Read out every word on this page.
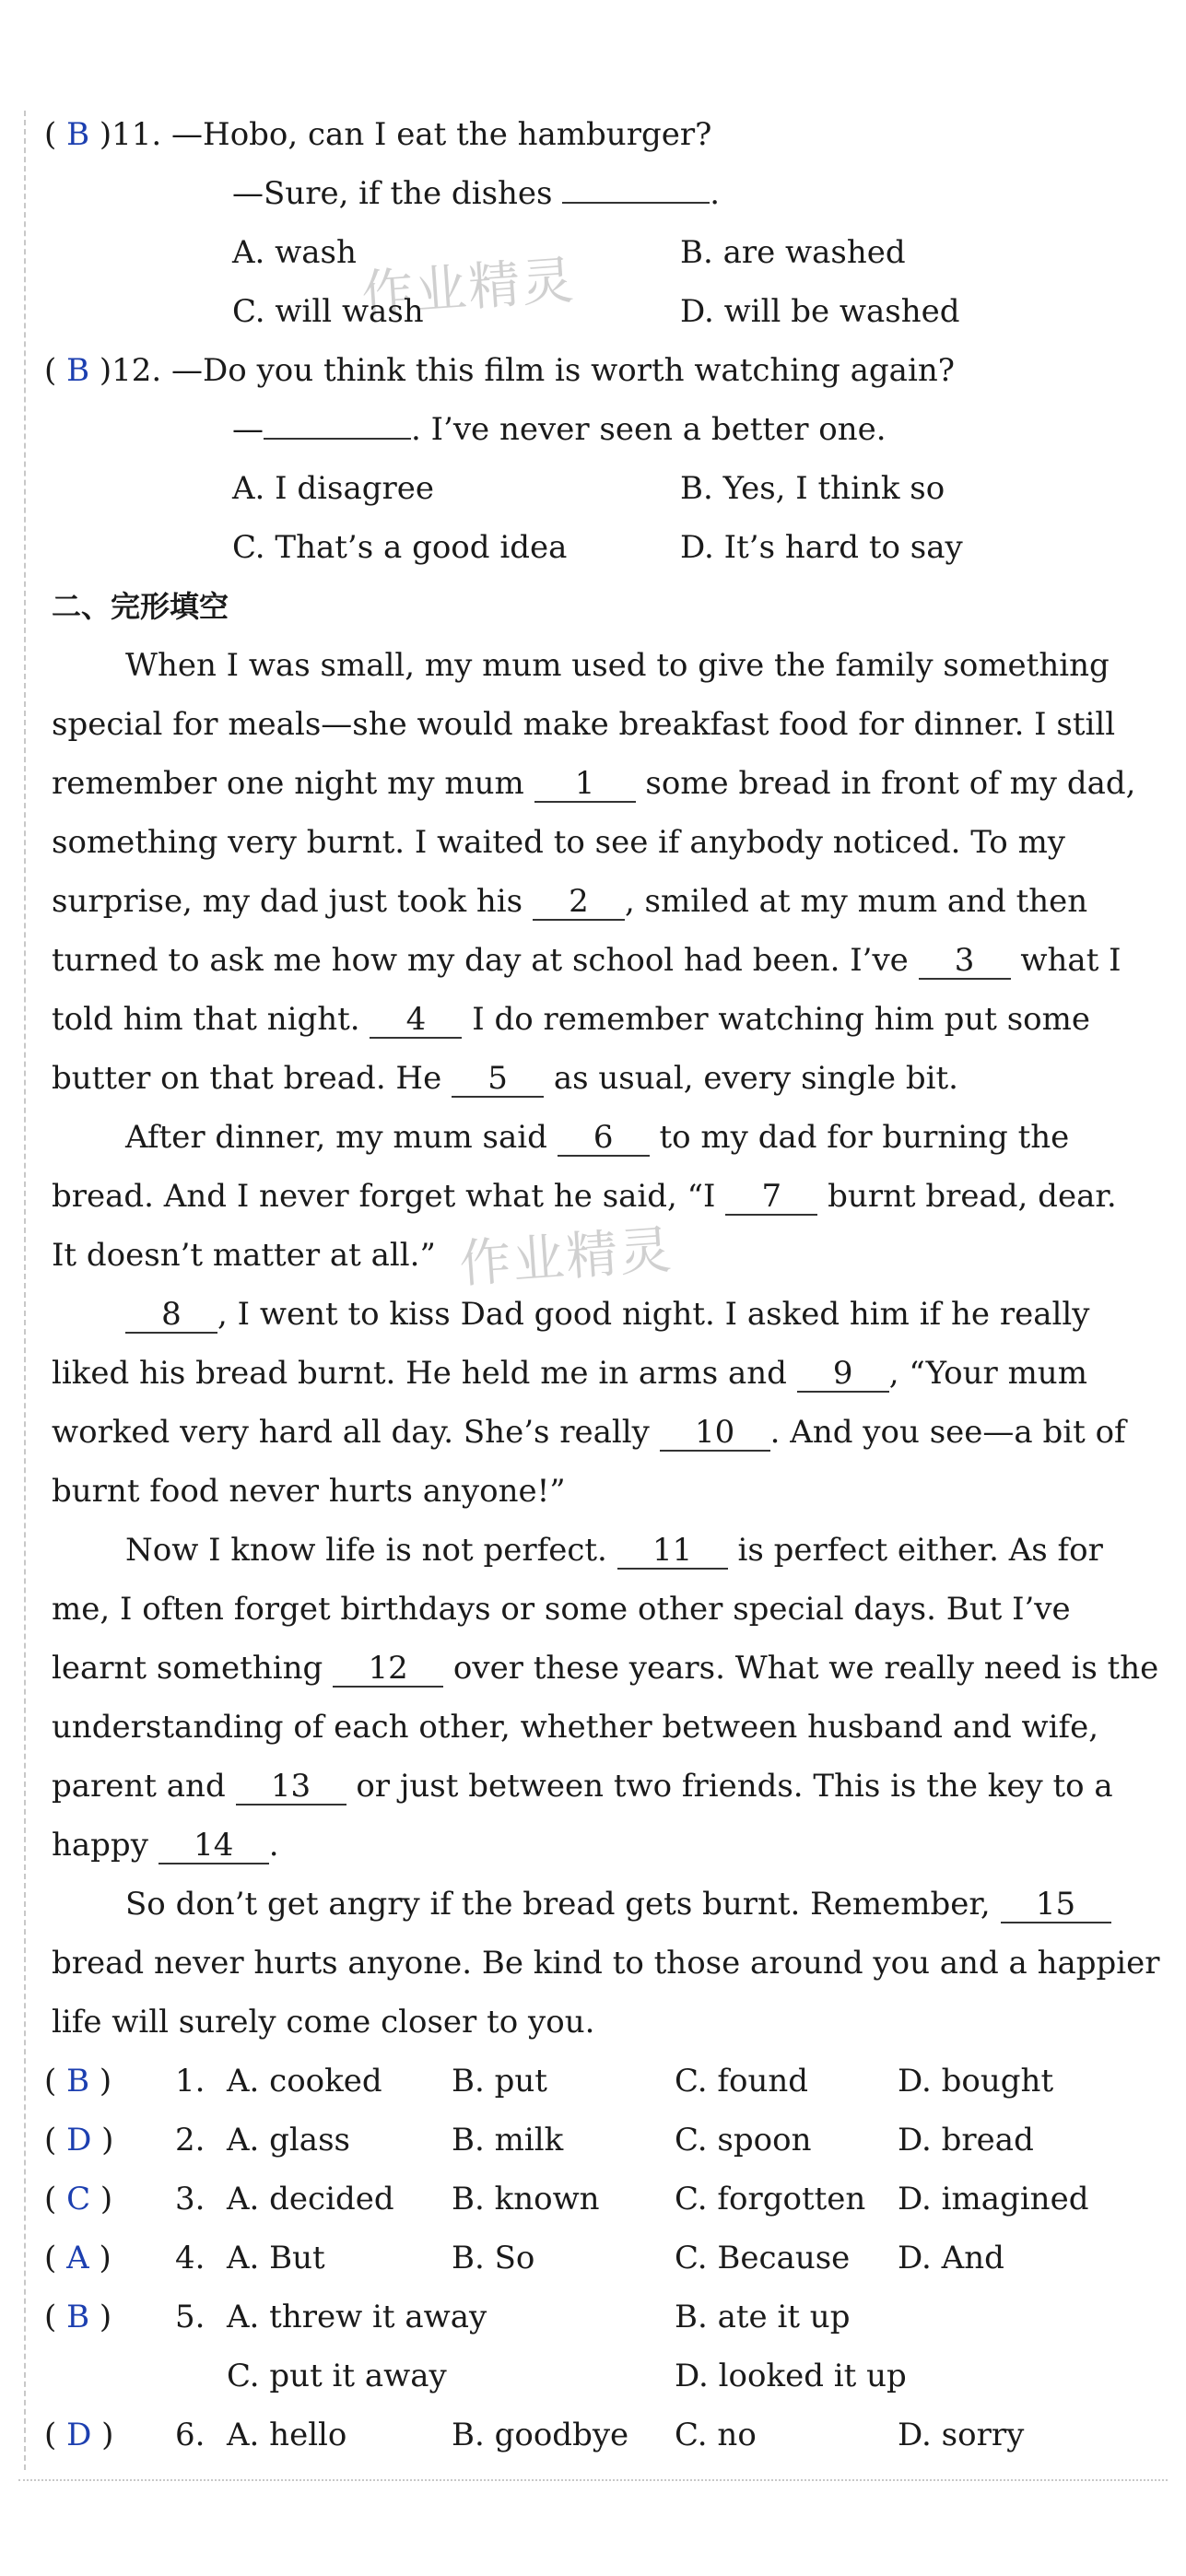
作业精灵
作业精灵
( B )11. —Hobo, can I eat the hamburger?
—Sure, if the dishes	.
A. wash	B. are washed
C. will wash	D. will be washed
( B )12. —Do you think this film is worth watching again?
—	. I’ve never seen a better one.
A. I disagree	B. Yes, I think so
C. That’s a good idea	D. It’s hard to say
二、完形填空
When I was small, my mum used to give the family something
special for meals—she would make breakfast food for dinner. I still
remember one night my mum 1 some bread in front of my dad,
something very burnt. I waited to see if anybody noticed. To my
surprise, my dad just took his 2 , smiled at my mum and then
turned to ask me how my day at school had been. I’ve 3 what I
told him that night. 4 I do remember watching him put some
butter on that bread. He 5 as usual, every single bit.
After dinner, my mum said 6 to my dad for burning the
bread. And I never forget what he said, “I 7 burnt bread, dear.
It doesn’t matter at all.”
8 , I went to kiss Dad good night. I asked him if he really
liked his bread burnt. He held me in arms and 9 , “Your mum
worked very hard all day. She’s really 10 . And you see—a bit of
burnt food never hurts anyone!”
Now I know life is not perfect. 11 is perfect either. As for
me, I often forget birthdays or some other special days. But I’ve
learnt something 12 over these years. What we really need is the
understanding of each other, whether between husband and wife,
parent and 13 or just between two friends. This is the key to a
happy 14 .
So don’t get angry if the bread gets burnt. Remember, 15
bread never hurts anyone. Be kind to those around you and a happier
life will surely come closer to you.
( B ) 1. A. cooked B. put	C. found	D. bought
( D ) 2. A. glass	B. milk	C. spoon	D. bread
( C ) 3. A. decided B. known C. forgotten D. imagined
( A ) 4. A. But	B. So	C. Because D. And
( B ) 5. A. threw it away	B. ate it up
C. put it away	D. looked it up
( D ) 6. A. hello	B. goodbye C. no	D. sorry
